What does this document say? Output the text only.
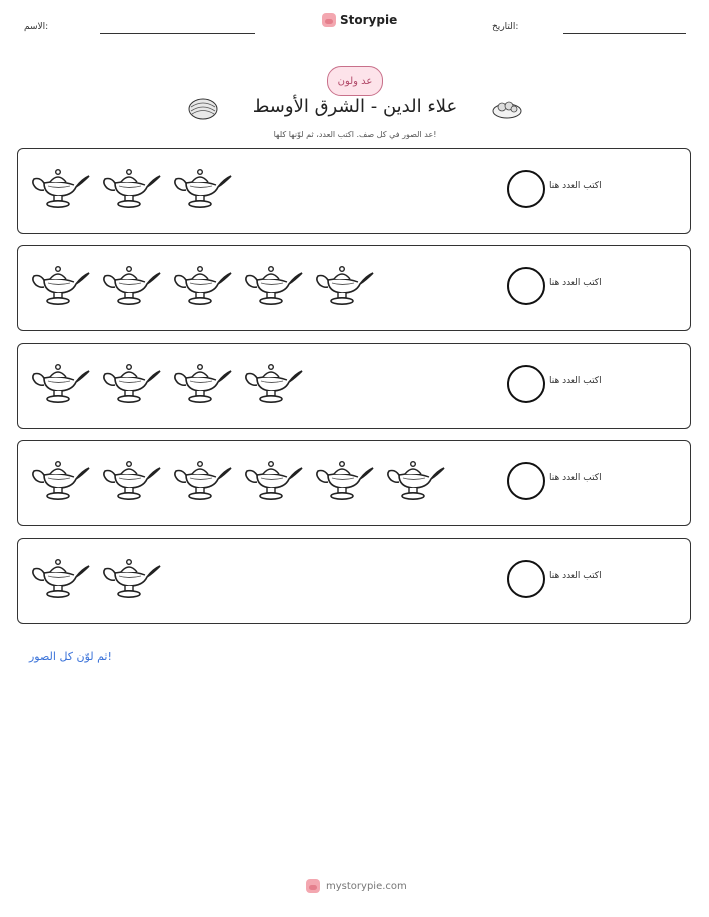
الاسم:	Storypie	التاريخ:
عد ولون
علاء الدين - الشرق الأوسط
عد الصور في كل صف. اكتب العدد، ثم لوّنها كلها!
اكتب العدد هنا
اكتب العدد هنا
اكتب العدد هنا
اكتب العدد هنا
اكتب العدد هنا
ثم لوّن كل الصور!
mystorypie.com
